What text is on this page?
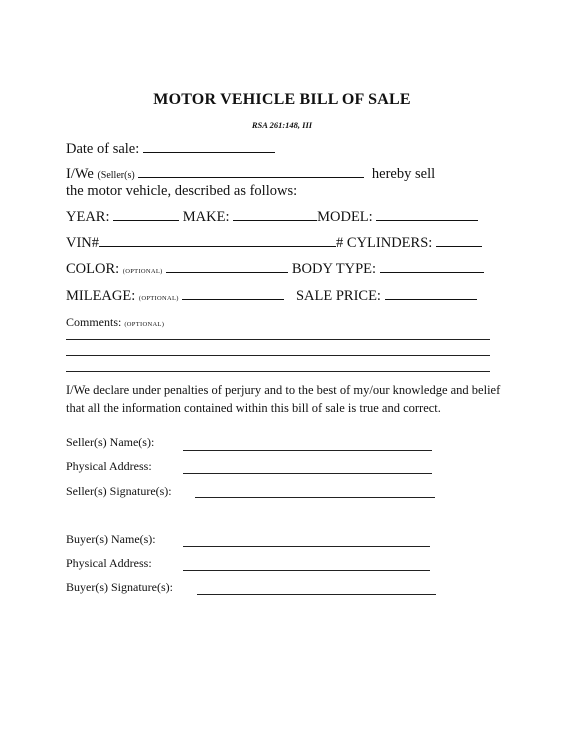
MOTOR VEHICLE BILL OF SALE
RSA 261:148, III
Date of sale:
I/We (Seller(s)	hereby sell
the motor vehicle, described as follows:
YEAR:	MAKE:	MODEL:
VIN#	# CYLINDERS:
COLOR: (OPTIONAL)	BODY TYPE:
MILEAGE: (OPTIONAL)	SALE PRICE:
Comments: (OPTIONAL)
I/We declare under penalties of perjury and to the best of my/our knowledge and belief that all the information contained within this bill of sale is true and correct.
Seller(s) Name(s):
Physical Address:
Seller(s) Signature(s):
Buyer(s) Name(s):
Physical Address:
Buyer(s) Signature(s):
